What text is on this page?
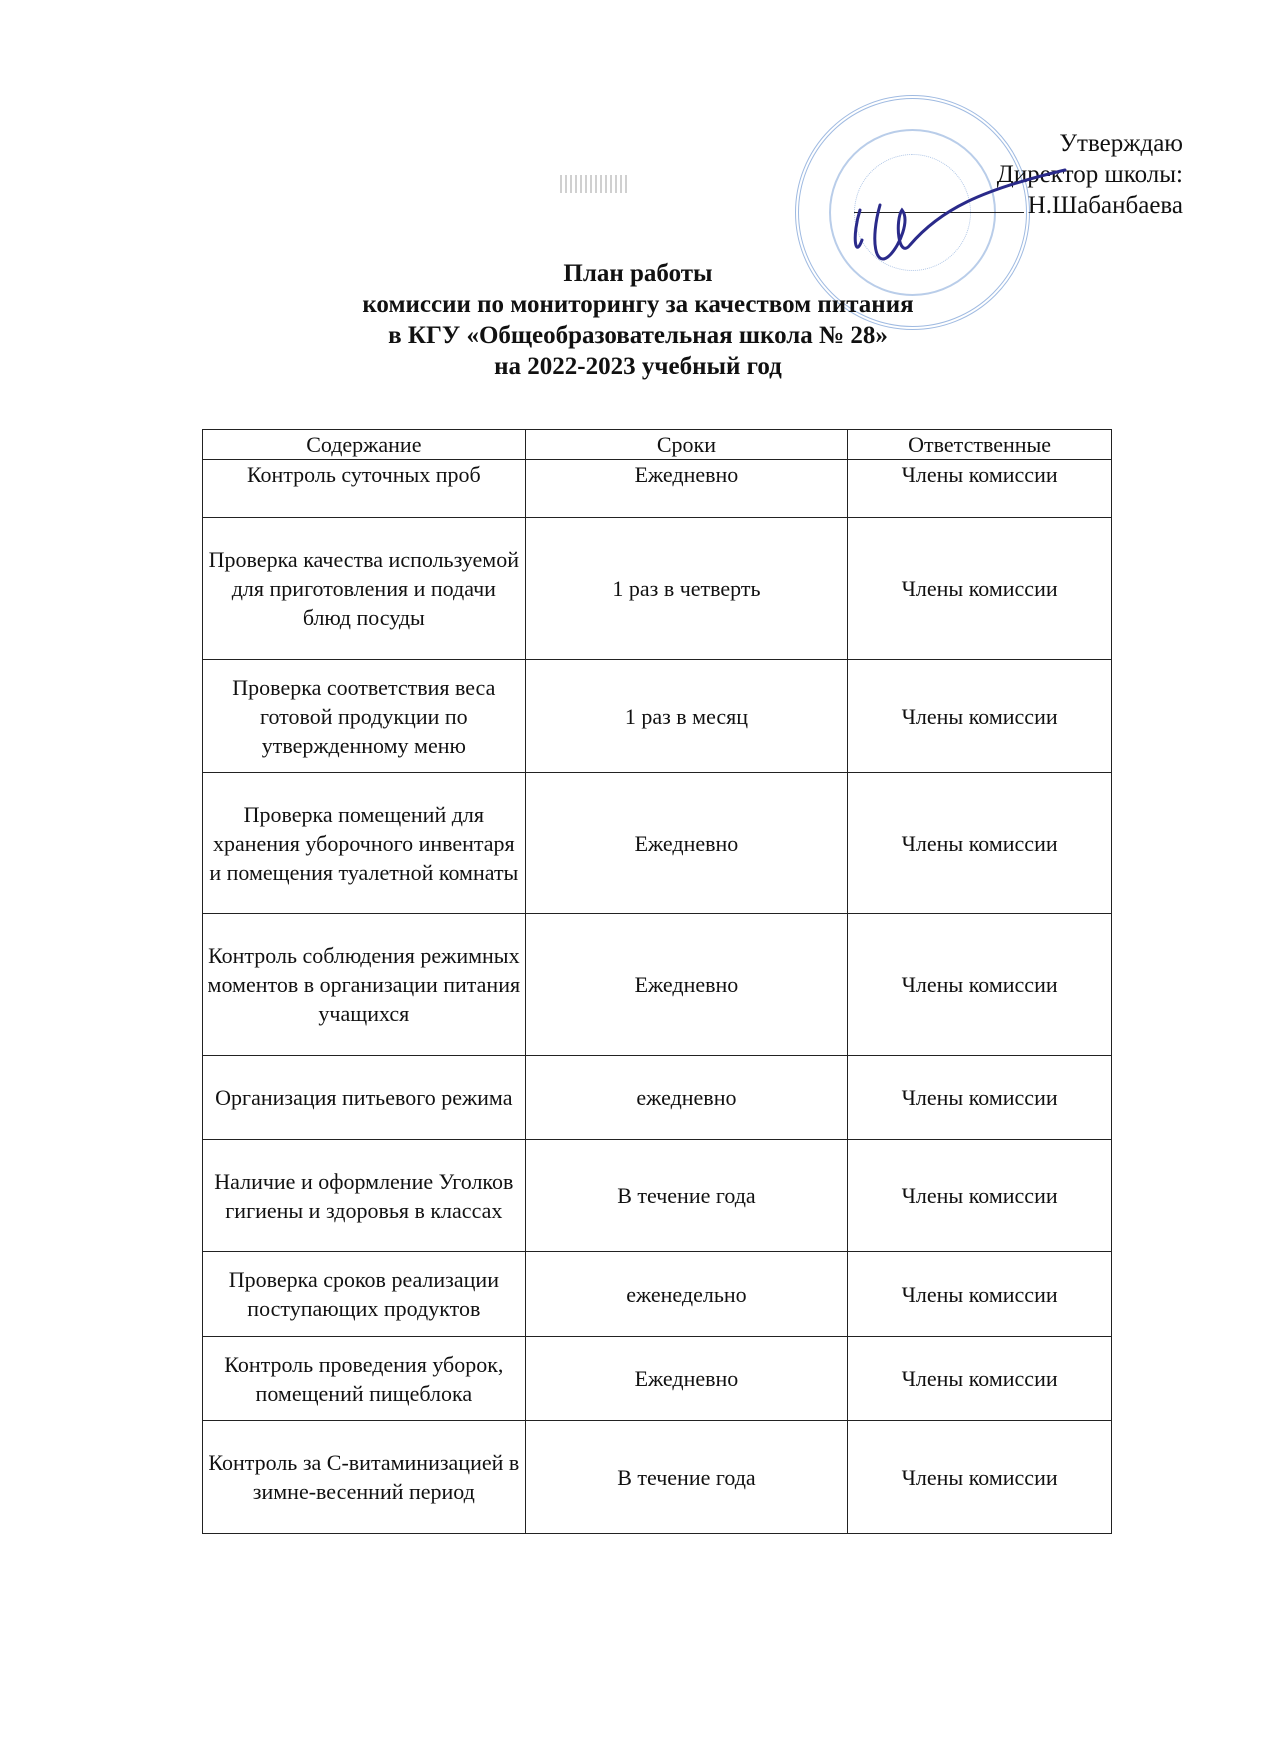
Утверждаю
Директор школы:
Н.Шабанбаева
План работы
комиссии по мониторингу за качеством питания
в КГУ «Общеобразовательная школа № 28»
на 2022-2023 учебный год
Содержание	Сроки	Ответственные
Контроль суточных проб	Ежедневно	Члены комиссии
Проверка качества используемой для приготовления и подачи блюд посуды	1 раз в четверть	Члены комиссии
Проверка соответствия веса готовой продукции по утвержденному меню	1 раз в месяц	Члены комиссии
Проверка помещений для хранения уборочного инвентаря и помещения туалетной комнаты	Ежедневно	Члены комиссии
Контроль соблюдения режимных моментов в организации питания учащихся	Ежедневно	Члены комиссии
Организация питьевого режима	ежедневно	Члены комиссии
Наличие и оформление Уголков гигиены и здоровья в классах	В течение года	Члены комиссии
Проверка сроков реализации поступающих продуктов	еженедельно	Члены комиссии
Контроль проведения уборок, помещений пищеблока	Ежедневно	Члены комиссии
Контроль за С-витаминизацией в зимне-весенний период	В течение года	Члены комиссии
